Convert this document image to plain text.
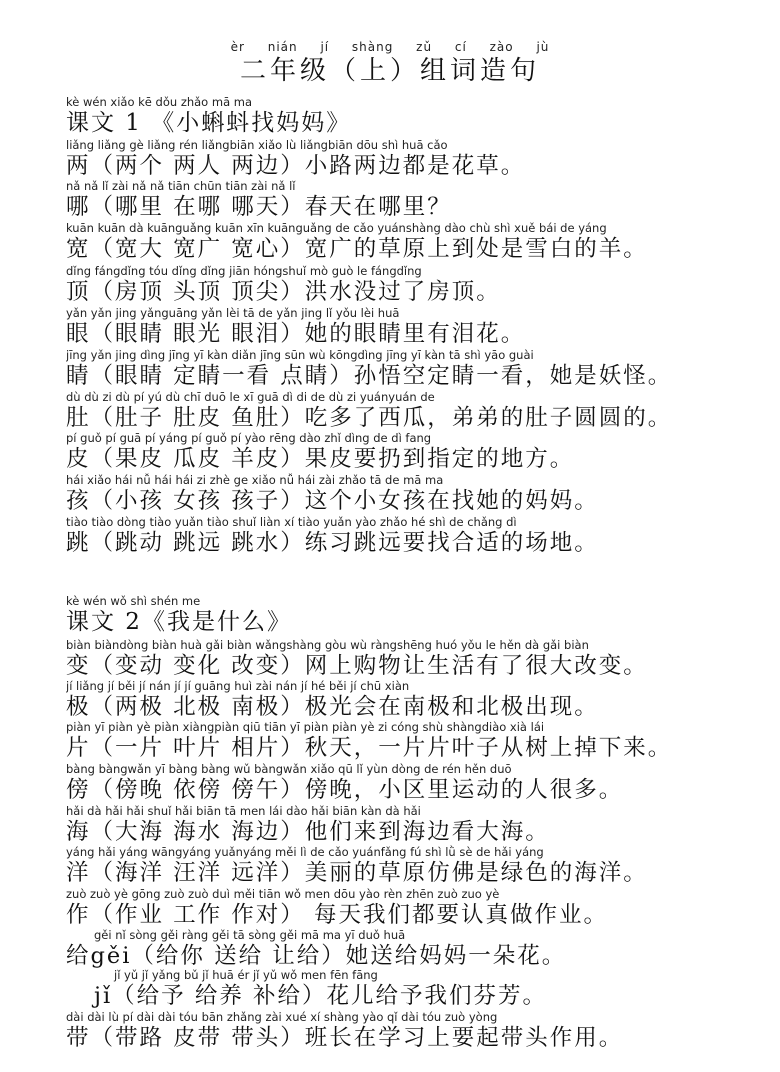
èr nián jí shàng zǔ cí zào jù
二年级（上）组词造句
kè wén xiǎo kē dǒu zhǎo mā ma
课文 1 《小蝌蚪找妈妈》
liǎng liǎng gè liǎng rén liǎngbiān xiǎo lù liǎngbiān dōu shì huā cǎo
两（两个 两人 两边）小路两边都是花草。
nǎ nǎ lǐ zài nǎ nǎ tiān chūn tiān zài nǎ lǐ
哪（哪里 在哪 哪天）春天在哪里？
kuān kuān dà kuānguǎng kuān xīn kuānguǎng de cǎo yuánshàng dào chù shì xuě bái de yáng
宽（宽大 宽广 宽心）宽广的草原上到处是雪白的羊。
dǐng fángdǐng tóu dǐng dǐng jiān hóngshuǐ mò guò le fángdǐng
顶（房顶 头顶 顶尖）洪水没过了房顶。
yǎn yǎn jing yǎnguāng yǎn lèi tā de yǎn jing lǐ yǒu lèi huā
眼（眼睛 眼光 眼泪）她的眼睛里有泪花。
jīng yǎn jing dìng jīng yī kàn diǎn jīng sūn wù kōngdìng jīng yī kàn tā shì yāo guài
睛（眼睛 定睛一看 点睛）孙悟空定睛一看，她是妖怪。
dù dù zi dù pí yú dù chī duō le xī guā dì di de dù zi yuányuán de
肚（肚子 肚皮 鱼肚）吃多了西瓜，弟弟的肚子圆圆的。
pí guǒ pí guā pí yáng pí guǒ pí yào rēng dào zhǐ dìng de dì fang
皮（果皮 瓜皮 羊皮）果皮要扔到指定的地方。
hái xiǎo hái nǚ hái hái zi zhè ge xiǎo nǚ hái zài zhǎo tā de mā ma
孩（小孩 女孩 孩子）这个小女孩在找她的妈妈。
tiào tiào dòng tiào yuǎn tiào shuǐ liàn xí tiào yuǎn yào zhǎo hé shì de chǎng dì
跳（跳动 跳远 跳水）练习跳远要找合适的场地。
kè wén wǒ shì shén me
课文 2《我是什么》
biàn biàndòng biàn huà gǎi biàn wǎngshàng gòu wù ràngshēng huó yǒu le hěn dà gǎi biàn
变（变动 变化 改变）网上购物让生活有了很大改变。
jí liǎng jí běi jí nán jí jí guāng huì zài nán jí hé běi jí chū xiàn
极（两极 北极 南极）极光会在南极和北极出现。
piàn yī piàn yè piàn xiàngpiàn qiū tiān yī piàn piàn yè zi cóng shù shàngdiào xià lái
片（一片 叶片 相片）秋天，一片片叶子从树上掉下来。
bàng bàngwǎn yī bàng bàng wǔ bàngwǎn xiǎo qū lǐ yùn dòng de rén hěn duō
傍（傍晚 依傍 傍午）傍晚，小区里运动的人很多。
hǎi dà hǎi hǎi shuǐ hǎi biān tā men lái dào hǎi biān kàn dà hǎi
海（大海 海水 海边）他们来到海边看大海。
yáng hǎi yáng wāngyáng yuǎnyáng měi lì de cǎo yuánfǎng fú shì lǜ sè de hǎi yáng
洋（海洋 汪洋 远洋）美丽的草原仿佛是绿色的海洋。
zuò zuò yè gōng zuò zuò duì měi tiān wǒ men dōu yào rèn zhēn zuò zuo yè
作（作业 工作 作对） 每天我们都要认真做作业。
gěi nǐ sòng gěi ràng gěi tā sòng gěi mā ma yī duǒ huā
给gěi（给你 送给 让给）她送给妈妈一朵花。
jǐ yǔ jǐ yǎng bǔ jǐ huā ér jǐ yǔ wǒ men fēn fāng
jǐ（给予 给养 补给）花儿给予我们芬芳。
dài dài lù pí dài dài tóu bān zhǎng zài xué xí shàng yào qǐ dài tóu zuò yòng
带（带路 皮带 带头）班长在学习上要起带头作用。
